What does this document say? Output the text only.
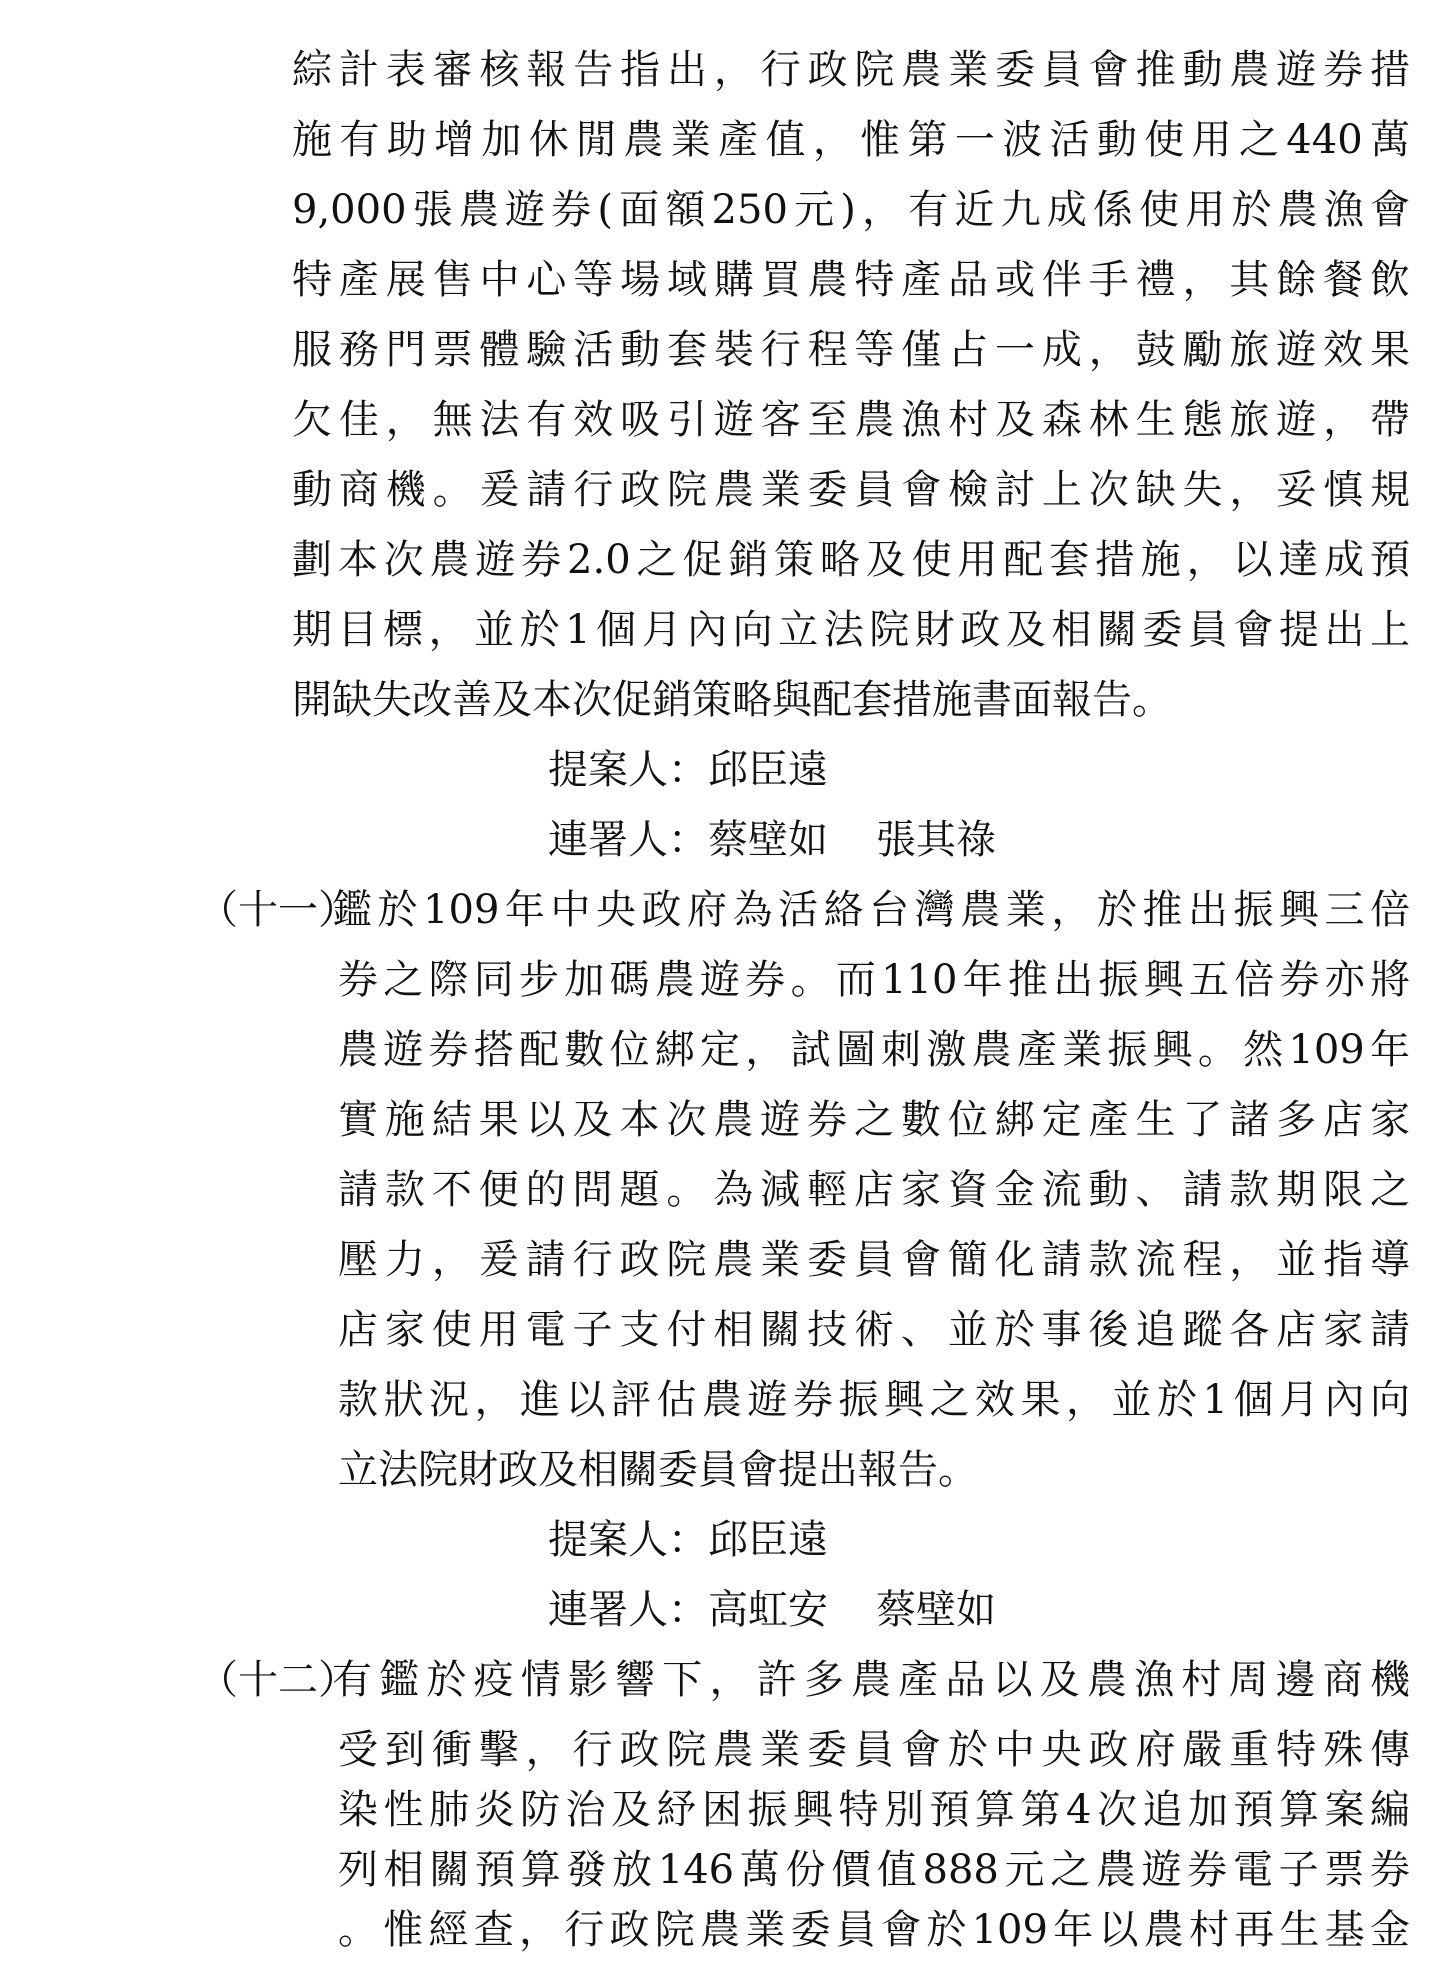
綜計表審核報告指出，行政院農業委員會推動農遊券措
施有助增加休閒農業產值，惟第一波活動使用之440萬
9,000張農遊券(面額250元)，有近九成係使用於農漁會
特產展售中心等場域購買農特產品或伴手禮，其餘餐飲
服務門票體驗活動套裝行程等僅占一成，鼓勵旅遊效果
欠佳，無法有效吸引遊客至農漁村及森林生態旅遊，帶
動商機。爰請行政院農業委員會檢討上次缺失，妥慎規
劃本次農遊券2.0之促銷策略及使用配套措施，以達成預
期目標，並於1個月內向立法院財政及相關委員會提出上
開缺失改善及本次促銷策略與配套措施書面報告。
提案人：邱臣遠
連署人：蔡壁如 張其祿
（十一）
鑑於109年中央政府為活絡台灣農業，於推出振興三倍
券之際同步加碼農遊券。而110年推出振興五倍券亦將
農遊券搭配數位綁定，試圖刺激農產業振興。然109年
實施結果以及本次農遊券之數位綁定產生了諸多店家
請款不便的問題。為減輕店家資金流動、請款期限之
壓力，爰請行政院農業委員會簡化請款流程，並指導
店家使用電子支付相關技術、並於事後追蹤各店家請
款狀況，進以評估農遊券振興之效果，並於1個月內向
立法院財政及相關委員會提出報告。
提案人：邱臣遠
連署人：高虹安 蔡壁如
（十二）
有鑑於疫情影響下，許多農產品以及農漁村周邊商機
受到衝擊，行政院農業委員會於中央政府嚴重特殊傳
染性肺炎防治及紓困振興特別預算第4次追加預算案編
列相關預算發放146萬份價值888元之農遊券電子票券
。惟經查，行政院農業委員會於109年以農村再生基金
